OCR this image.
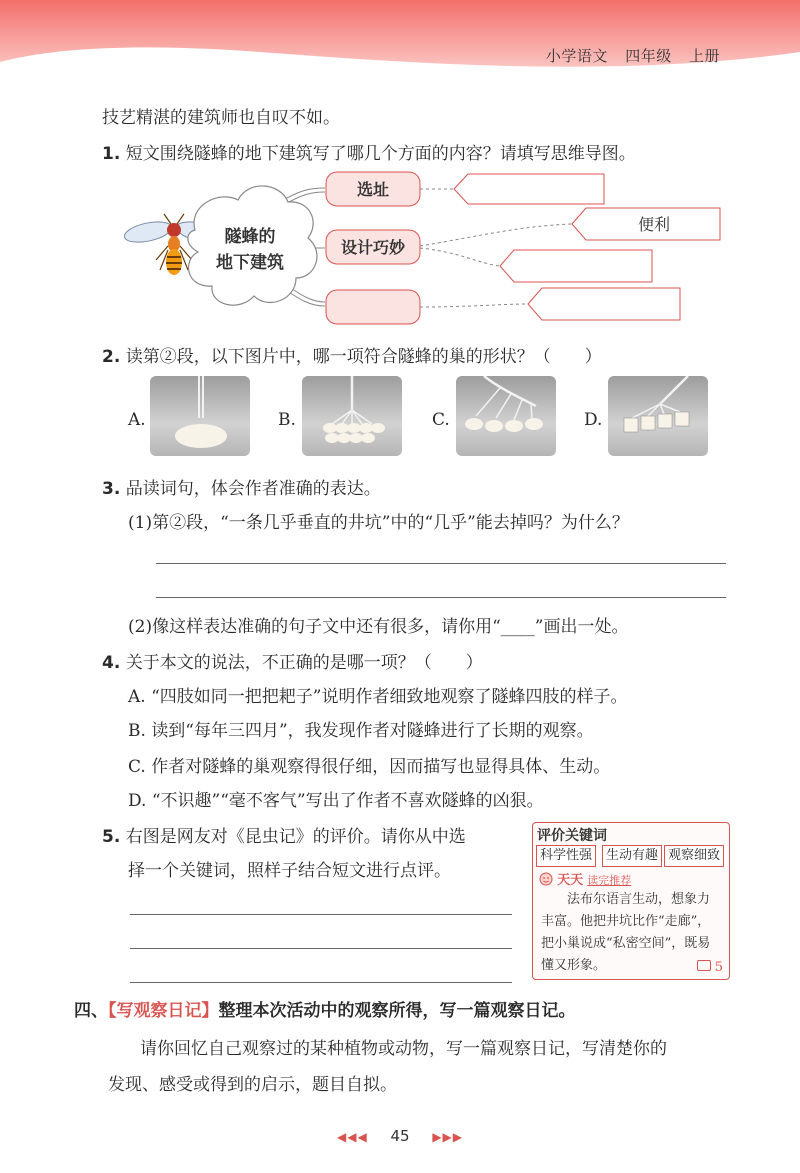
小学语文 四年级 上册
技艺精湛的建筑师也自叹不如。
1. 短文围绕隧蜂的地下建筑写了哪几个方面的内容？请填写思维导图。
隧蜂的
地下建筑
选址
设计巧妙
便利
2. 读第②段，以下图片中，哪一项符合隧蜂的巢的形状？（　　）
A.	B.	C.	D.
3. 品读词句，体会作者准确的表达。
(1)第②段，“一条几乎垂直的井坑”中的“几乎”能去掉吗？为什么？
(2)像这样表达准确的句子文中还有很多，请你用“____”画出一处。
4. 关于本文的说法，不正确的是哪一项？（　　）
A. “四肢如同一把把耙子”说明作者细致地观察了隧蜂四肢的样子。
B. 读到“每年三四月”，我发现作者对隧蜂进行了长期的观察。
C. 作者对隧蜂的巢观察得很仔细，因而描写也显得具体、生动。
D. “不识趣”“毫不客气”写出了作者不喜欢隧蜂的凶狠。
5. 右图是网友对《昆虫记》的评价。请你从中选
择一个关键词，照样子结合短文进行点评。
评价关键词
科学性强	生动有趣 观察细致
天天 读完推荐
法布尔语言生动，想象力丰富。他把井坑比作“走廊”，把小巢说成“私密空间”，既易懂又形象。	5
四、【写观察日记】整理本次活动中的观察所得，写一篇观察日记。
请你回忆自己观察过的某种植物或动物，写一篇观察日记，写清楚你的
发现、感受或得到的启示，题目自拟。
◀◀◀ 45 ▶▶▶
